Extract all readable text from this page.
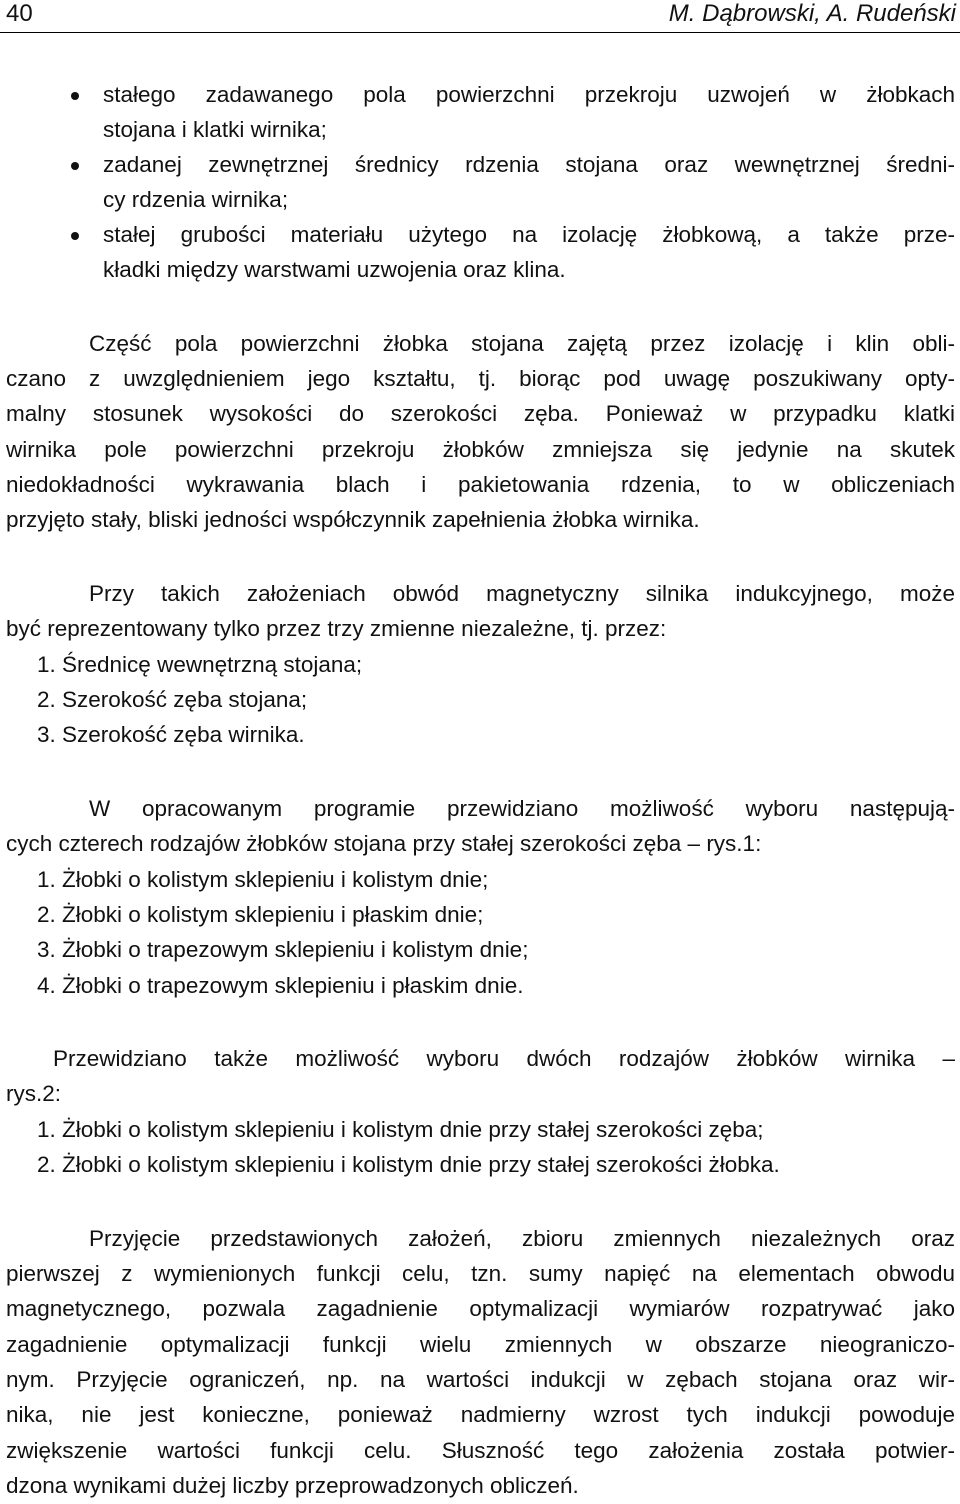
40	M. Dąbrowski, A. Rudeński
stałego zadawanego pola powierzchni przekroju uzwojeń w żłobkach
stojana i klatki wirnika;
zadanej zewnętrznej średnicy rdzenia stojana oraz wewnętrznej średni-
cy rdzenia wirnika;
stałej grubości materiału użytego na izolację żłobkową, a także prze-
kładki między warstwami uzwojenia oraz klina.
Część pola powierzchni żłobka stojana zajętą przez izolację i klin obli-
czano z uwzględnieniem jego kształtu, tj. biorąc pod uwagę poszukiwany opty-
malny stosunek wysokości do szerokości zęba. Ponieważ w przypadku klatki
wirnika pole powierzchni przekroju żłobków zmniejsza się jedynie na skutek
niedokładności wykrawania blach i pakietowania rdzenia, to w obliczeniach
przyjęto stały, bliski jedności współczynnik zapełnienia żłobka wirnika.
Przy takich założeniach obwód magnetyczny silnika indukcyjnego, może
być reprezentowany tylko przez trzy zmienne niezależne, tj. przez:
1. Średnicę wewnętrzną stojana;
2. Szerokość zęba stojana;
3. Szerokość zęba wirnika.
W opracowanym programie przewidziano możliwość wyboru następują-
cych czterech rodzajów żłobków stojana przy stałej szerokości zęba – rys.1:
1. Żłobki o kolistym sklepieniu i kolistym dnie;
2. Żłobki o kolistym sklepieniu i płaskim dnie;
3. Żłobki o trapezowym sklepieniu i kolistym dnie;
4. Żłobki o trapezowym sklepieniu i płaskim dnie.
Przewidziano także możliwość wyboru dwóch rodzajów żłobków wirnika –
rys.2:
1. Żłobki o kolistym sklepieniu i kolistym dnie przy stałej szerokości zęba;
2. Żłobki o kolistym sklepieniu i kolistym dnie przy stałej szerokości żłobka.
Przyjęcie przedstawionych założeń, zbioru zmiennych niezależnych oraz
pierwszej z wymienionych funkcji celu, tzn. sumy napięć na elementach obwodu
magnetycznego, pozwala zagadnienie optymalizacji wymiarów rozpatrywać jako
zagadnienie optymalizacji funkcji wielu zmiennych w obszarze nieograniczo-
nym. Przyjęcie ograniczeń, np. na wartości indukcji w zębach stojana oraz wir-
nika, nie jest konieczne, ponieważ nadmierny wzrost tych indukcji powoduje
zwiększenie wartości funkcji celu. Słuszność tego założenia została potwier-
dzona wynikami dużej liczby przeprowadzonych obliczeń.
